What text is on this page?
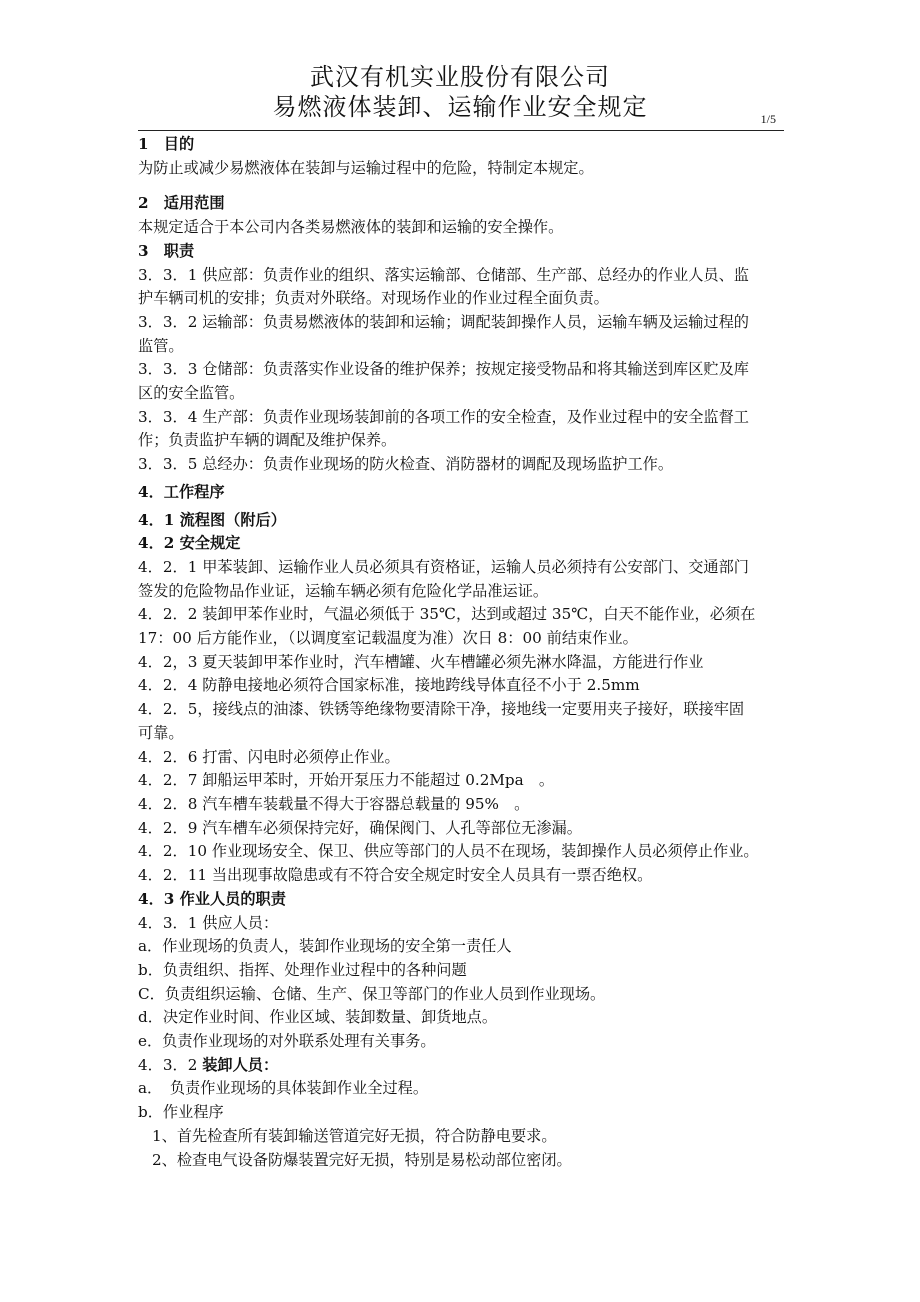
武汉有机实业股份有限公司
易燃液体装卸、运输作业安全规定	1/5
1　目的
为防止或减少易燃液体在装卸与运输过程中的危险，特制定本规定。
2　适用范围
本规定适合于本公司内各类易燃液体的装卸和运输的安全操作。
3　职责
3．3．1 供应部：负责作业的组织、落实运输部、仓储部、生产部、总经办的作业人员、监
护车辆司机的安排；负责对外联络。对现场作业的作业过程全面负责。
3．3．2 运输部：负责易燃液体的装卸和运输；调配装卸操作人员，运输车辆及运输过程的
监管。
3．3．3 仓储部：负责落实作业设备的维护保养；按规定接受物品和将其输送到库区贮及库
区的安全监管。
3．3．4 生产部：负责作业现场装卸前的各项工作的安全检查，及作业过程中的安全监督工
作；负责监护车辆的调配及维护保养。
3．3．5 总经办：负责作业现场的防火检查、消防器材的调配及现场监护工作。
4．工作程序
4．1 流程图（附后）
4．2 安全规定
4．2．1 甲苯装卸、运输作业人员必须具有资格证，运输人员必须持有公安部门、交通部门
签发的危险物品作业证，运输车辆必须有危险化学品准运证。
4．2．2 装卸甲苯作业时，气温必须低于 35℃，达到或超过 35℃，白天不能作业，必须在
17：00 后方能作业，（以调度室记载温度为准）次日 8：00 前结束作业。
4．2，3 夏天装卸甲苯作业时，汽车槽罐、火车槽罐必须先淋水降温，方能进行作业
4．2．4 防静电接地必须符合国家标准，接地跨线导体直径不小于 2.5mm
4．2．5，接线点的油漆、铁锈等绝缘物要清除干净，接地线一定要用夹子接好，联接牢固
可靠。
4．2．6 打雷、闪电时必须停止作业。
4．2．7 卸船运甲苯时，开始开泵压力不能超过 0.2Mpa　。
4．2．8 汽车槽车装载量不得大于容器总载量的 95%　。
4．2．9 汽车槽车必须保持完好，确保阀门、人孔等部位无渗漏。
4．2．10 作业现场安全、保卫、供应等部门的人员不在现场，装卸操作人员必须停止作业。
4．2．11 当出现事故隐患或有不符合安全规定时安全人员具有一票否绝权。
4．3 作业人员的职责
4．3．1 供应人员：
a．作业现场的负责人，装卸作业现场的安全第一责任人
b．负责组织、指挥、处理作业过程中的各种问题
C．负责组织运输、仓储、生产、保卫等部门的作业人员到作业现场。
d．决定作业时间、作业区域、装卸数量、卸货地点。
e．负责作业现场的对外联系处理有关事务。
4．3．2 装卸人员：
a．　负责作业现场的具体装卸作业全过程。
b．作业程序
1、首先检查所有装卸输送管道完好无损，符合防静电要求。
2、检查电气设备防爆装置完好无损，特别是易松动部位密闭。
